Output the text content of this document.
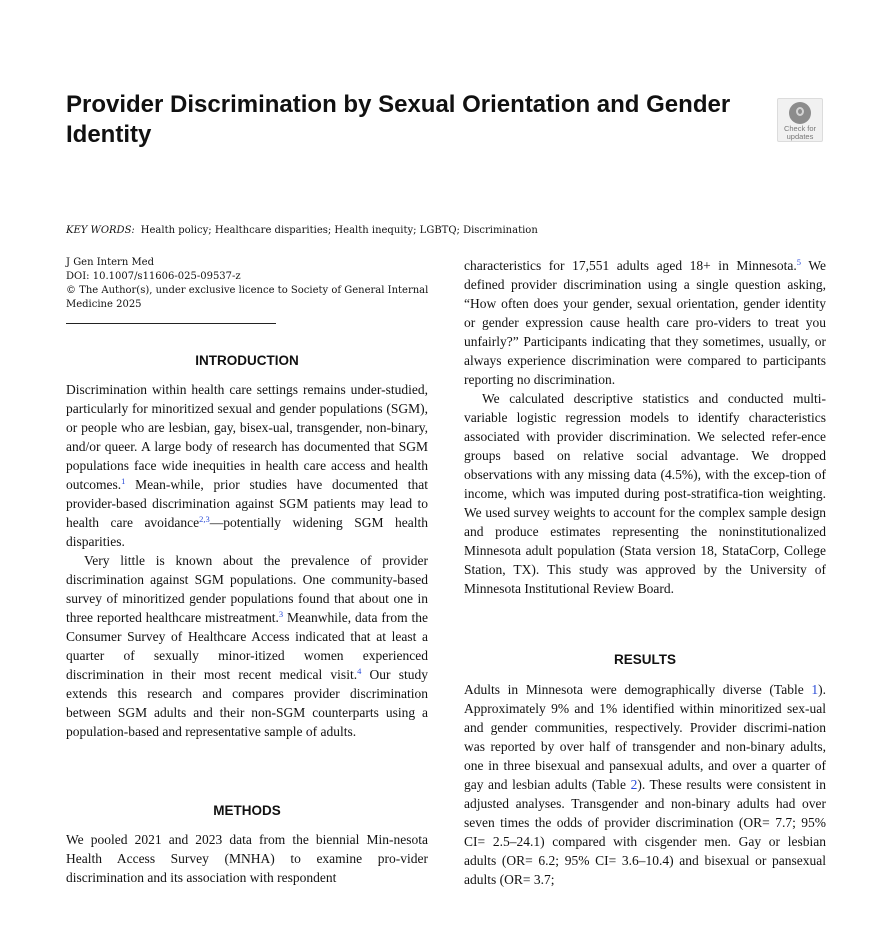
Provider Discrimination by Sexual Orientation and Gender Identity	Check for
updates
KEY WORDS: Health policy; Healthcare disparities; Health inequity; LGBTQ; Discrimination
J Gen Intern Med
DOI: 10.1007/s11606-025-09537-z
© The Author(s), under exclusive licence to Society of General Internal Medicine 2025
INTRODUCTION

Discrimination within health care settings remains under-studied, particularly for minoritized sexual and gender populations (SGM), or people who are lesbian, gay, bisex-ual, transgender, non-binary, and/or queer. A large body of research has documented that SGM populations face wide inequities in health care access and health outcomes.$^1$ Mean-while, prior studies have documented that provider-based discrimination against SGM patients may lead to health care avoidance$^{2,3}$—potentially widening SGM health disparities.

Very little is known about the prevalence of provider discrimination against SGM populations. One community-based survey of minoritized gender populations found that about one in three reported healthcare mistreatment.$^3$ Meanwhile, data from the Consumer Survey of Healthcare Access indicated that at least a quarter of sexually minor-itized women experienced discrimination in their most recent medical visit.$^4$ Our study extends this research and compares provider discrimination between SGM adults and their non-SGM counterparts using a population-based and representative sample of adults.

METHODS

We pooled 2021 and 2023 data from the biennial Min-nesota Health Access Survey (MNHA) to examine pro-vider discrimination and its association with respondent

characteristics for 17,551 adults aged 18+ in Minnesota.$^5$ We defined provider discrimination using a single question asking, “How often does your gender, sexual orientation, gender identity or gender expression cause health care pro-viders to treat you unfairly?” Participants indicating that they sometimes, usually, or always experience discrimination were compared to participants reporting no discrimination.

We calculated descriptive statistics and conducted multi-variable logistic regression models to identify characteristics associated with provider discrimination. We selected refer-ence groups based on relative social advantage. We dropped observations with any missing data (4.5%), with the excep-tion of income, which was imputed during post-stratifica-tion weighting. We used survey weights to account for the complex sample design and produce estimates representing the noninstitutionalized Minnesota adult population (Stata version 18, StataCorp, College Station, TX). This study was approved by the University of Minnesota Institutional Review Board.

RESULTS

Adults in Minnesota were demographically diverse (Table 1). Approximately 9% and 1% identified within minoritized sex-ual and gender communities, respectively. Provider discrimi-nation was reported by over half of transgender and non-binary adults, one in three bisexual and pansexual adults, and over a quarter of gay and lesbian adults (Table 2). These results were consistent in adjusted analyses. Transgender and non-binary adults had over seven times the odds of provider discrimination (OR= 7.7; 95% CI= 2.5–24.1) compared with cisgender men. Gay or lesbian adults (OR= 6.2; 95% CI= 3.6–10.4) and bisexual or pansexual adults (OR= 3.7;
